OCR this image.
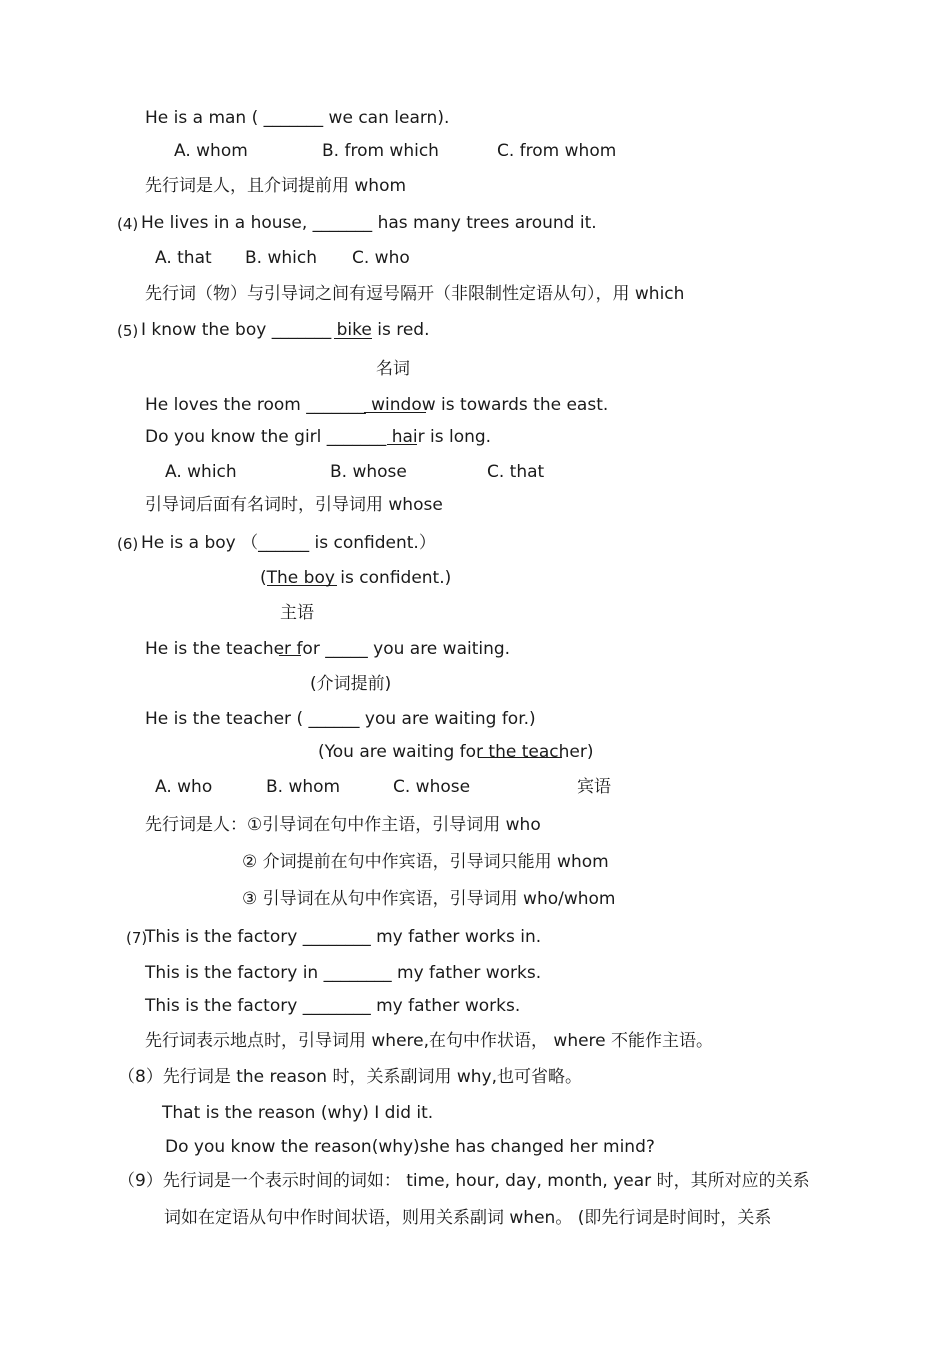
He is a man ( _______ we can learn).
A. whom	B. from which	C. from whom
先行词是人，且介词提前用 whom
(4) He lives in a house, _______ has many trees around it.
A. that B. which C. who
先行词（物）与引导词之间有逗号隔开（非限制性定语从句），用 which
(5) I know the boy _______ bike is red.
名词
He loves the room _______ window is towards the east.
Do you know the girl _______ hair is long.
A. which	B. whose	C. that
引导词后面有名词时，引导词用 whose
(6) He is a boy （______ is confident.）
(The boy is confident.)
主语
He is the teacher for _____ you are waiting.
(介词提前)
He is the teacher ( ______ you are waiting for.)
(You are waiting for the teacher)
A. who	B. whom	C. whose	宾语
先行词是人：①引导词在句中作主语，引导词用 who
② 介词提前在句中作宾语，引导词只能用 whom
③ 引导词在从句中作宾语，引导词用 who/whom
(7)
This is the factory ________ my father works in.
This is the factory in ________ my father works.
This is the factory ________ my father works.
先行词表示地点时，引导词用 where,在句中作状语， where 不能作主语。
（8）先行词是 the reason 时，关系副词用 why,也可省略。
That is the reason (why) I did it.
Do you know the reason(why)she has changed her mind?
（9）先行词是一个表示时间的词如： time, hour, day, month, year 时，其所对应的关系
词如在定语从句中作时间状语，则用关系副词 when。 (即先行词是时间时，关系
